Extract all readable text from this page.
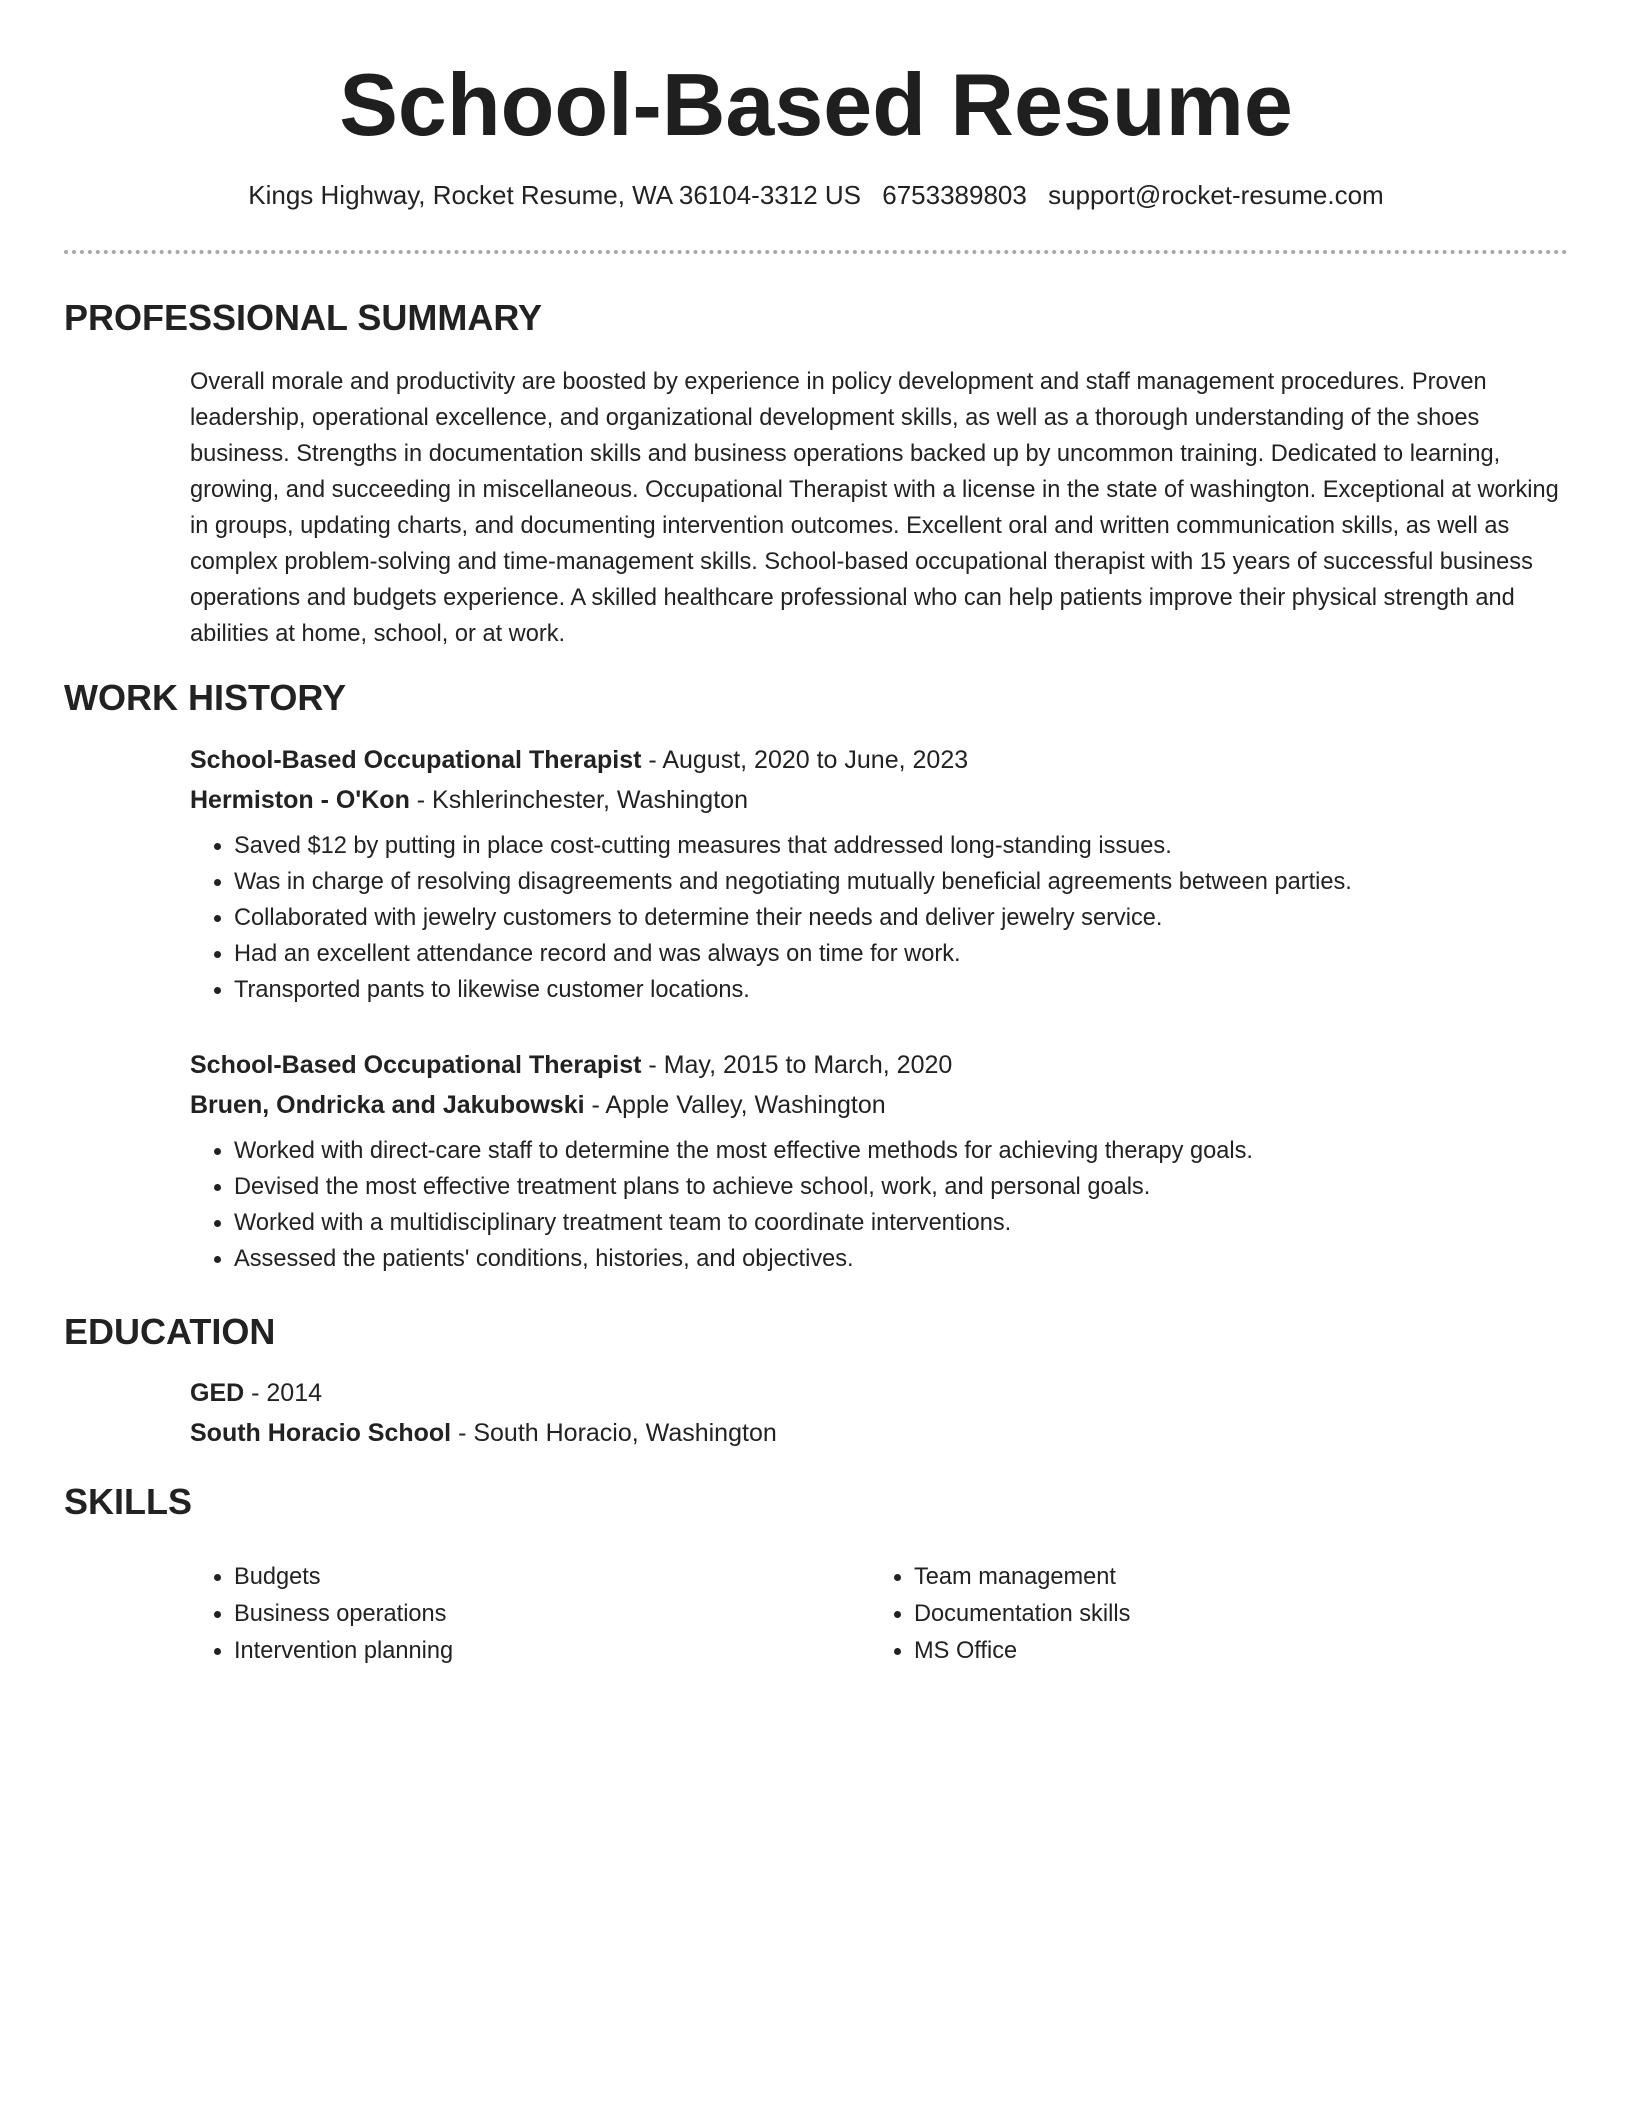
School-Based Resume
Kings Highway, Rocket Resume, WA 36104-3312 US 6753389803 support@rocket-resume.com
PROFESSIONAL SUMMARY
Overall morale and productivity are boosted by experience in policy development and staff management procedures. Proven leadership, operational excellence, and organizational development skills, as well as a thorough understanding of the shoes business. Strengths in documentation skills and business operations backed up by uncommon training. Dedicated to learning, growing, and succeeding in miscellaneous. Occupational Therapist with a license in the state of washington. Exceptional at working in groups, updating charts, and documenting intervention outcomes. Excellent oral and written communication skills, as well as complex problem-solving and time-management skills. School-based occupational therapist with 15 years of successful business operations and budgets experience. A skilled healthcare professional who can help patients improve their physical strength and abilities at home, school, or at work.
WORK HISTORY
School-Based Occupational Therapist - August, 2020 to June, 2023
Hermiston - O'Kon - Kshlerinchester, Washington
• Saved $12 by putting in place cost-cutting measures that addressed long-standing issues.
• Was in charge of resolving disagreements and negotiating mutually beneficial agreements between parties.
• Collaborated with jewelry customers to determine their needs and deliver jewelry service.
• Had an excellent attendance record and was always on time for work.
• Transported pants to likewise customer locations.
School-Based Occupational Therapist - May, 2015 to March, 2020
Bruen, Ondricka and Jakubowski - Apple Valley, Washington
• Worked with direct-care staff to determine the most effective methods for achieving therapy goals.
• Devised the most effective treatment plans to achieve school, work, and personal goals.
• Worked with a multidisciplinary treatment team to coordinate interventions.
• Assessed the patients' conditions, histories, and objectives.
EDUCATION
GED - 2014
South Horacio School - South Horacio, Washington
SKILLS
• Budgets
• Business operations
• Intervention planning
• Team management
• Documentation skills
• MS Office
